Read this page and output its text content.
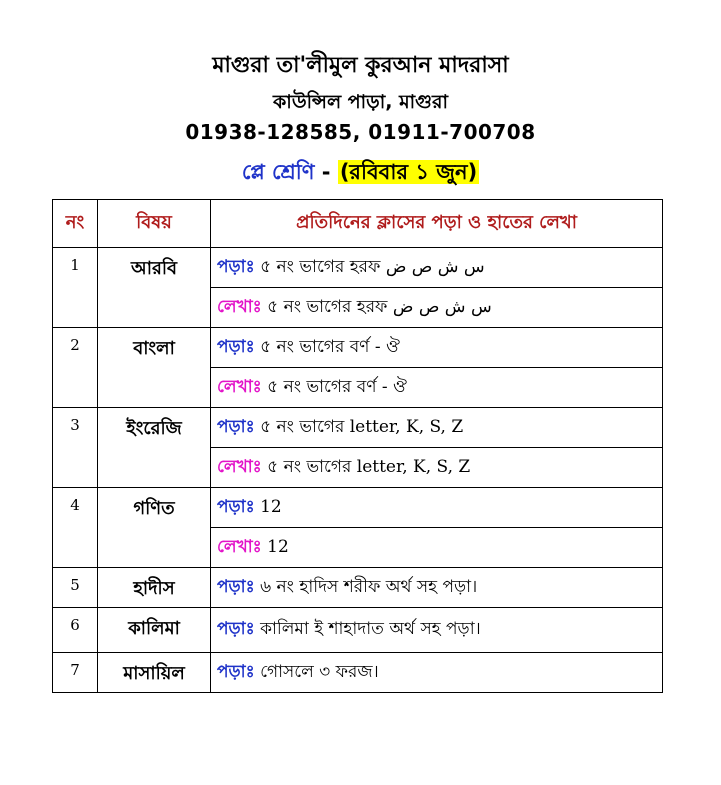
মাগুরা তা'লীমুল কুরআন মাদরাসা
কাউন্সিল পাড়া, মাগুরা
01938-128585, 01911-700708
প্লে শ্রেণি - (রবিবার ১ জুন)
নং	বিষয়	প্রতিদিনের ক্লাসের পড়া ও হাতের লেখা
1	আরবি	পড়াঃ ৫ নং ভাগের হরফ س ش ص ض
		লেখাঃ ৫ নং ভাগের হরফ س ش ص ض
2	বাংলা	পড়াঃ ৫ নং ভাগের বর্ণ - ঔ
		লেখাঃ ৫ নং ভাগের বর্ণ - ঔ
3	ইংরেজি	পড়াঃ ৫ নং ভাগের letter, K, S, Z
		লেখাঃ ৫ নং ভাগের letter, K, S, Z
4	গণিত	পড়াঃ 12
		লেখাঃ 12
5	হাদীস	পড়াঃ ৬ নং হাদিস শরীফ অর্থ সহ পড়া।
6	কালিমা	পড়াঃ কালিমা ই শাহাদাত অর্থ সহ পড়া।
7	মাসায়িল	পড়াঃ গোসলে ৩ ফরজ।
